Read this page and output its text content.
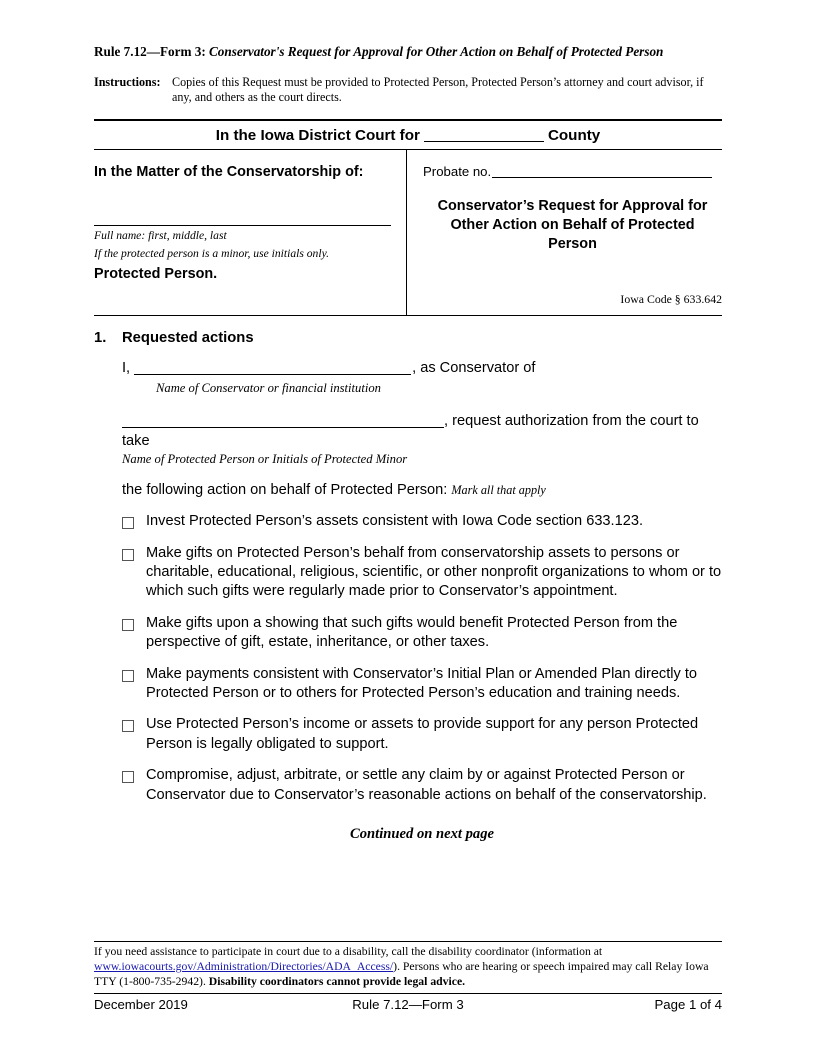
Rule 7.12—Form 3: Conservator's Request for Approval for Other Action on Behalf of Protected Person
Instructions: Copies of this Request must be provided to Protected Person, Protected Person’s attorney and court advisor, if any, and others as the court directs.
In the Iowa District Court for	County
In the Matter of the Conservatorship of:
Full name: first, middle, last
If the protected person is a minor, use initials only.
Protected Person.
Probate no.
Conservator’s Request for Approval for Other Action on Behalf of Protected Person
Iowa Code § 633.642
1.	Requested actions
I,	, as Conservator of
Name of Conservator or financial institution
, request authorization from the court to take
Name of Protected Person or Initials of Protected Minor
the following action on behalf of Protected Person: Mark all that apply
Invest Protected Person’s assets consistent with Iowa Code section 633.123.
Make gifts on Protected Person’s behalf from conservatorship assets to persons or charitable, educational, religious, scientific, or other nonprofit organizations to whom or to which such gifts were regularly made prior to Conservator’s appointment.
Make gifts upon a showing that such gifts would benefit Protected Person from the perspective of gift, estate, inheritance, or other taxes.
Make payments consistent with Conservator’s Initial Plan or Amended Plan directly to Protected Person or to others for Protected Person’s education and training needs.
Use Protected Person’s income or assets to provide support for any person Protected Person is legally obligated to support.
Compromise, adjust, arbitrate, or settle any claim by or against Protected Person or Conservator due to Conservator’s reasonable actions on behalf of the conservatorship.
Continued on next page
If you need assistance to participate in court due to a disability, call the disability coordinator (information at www.iowacourts.gov/Administration/Directories/ADA_Access/). Persons who are hearing or speech impaired may call Relay Iowa TTY (1-800-735-2942). Disability coordinators cannot provide legal advice.
December 2019	Rule 7.12—Form 3	Page 1 of 4
